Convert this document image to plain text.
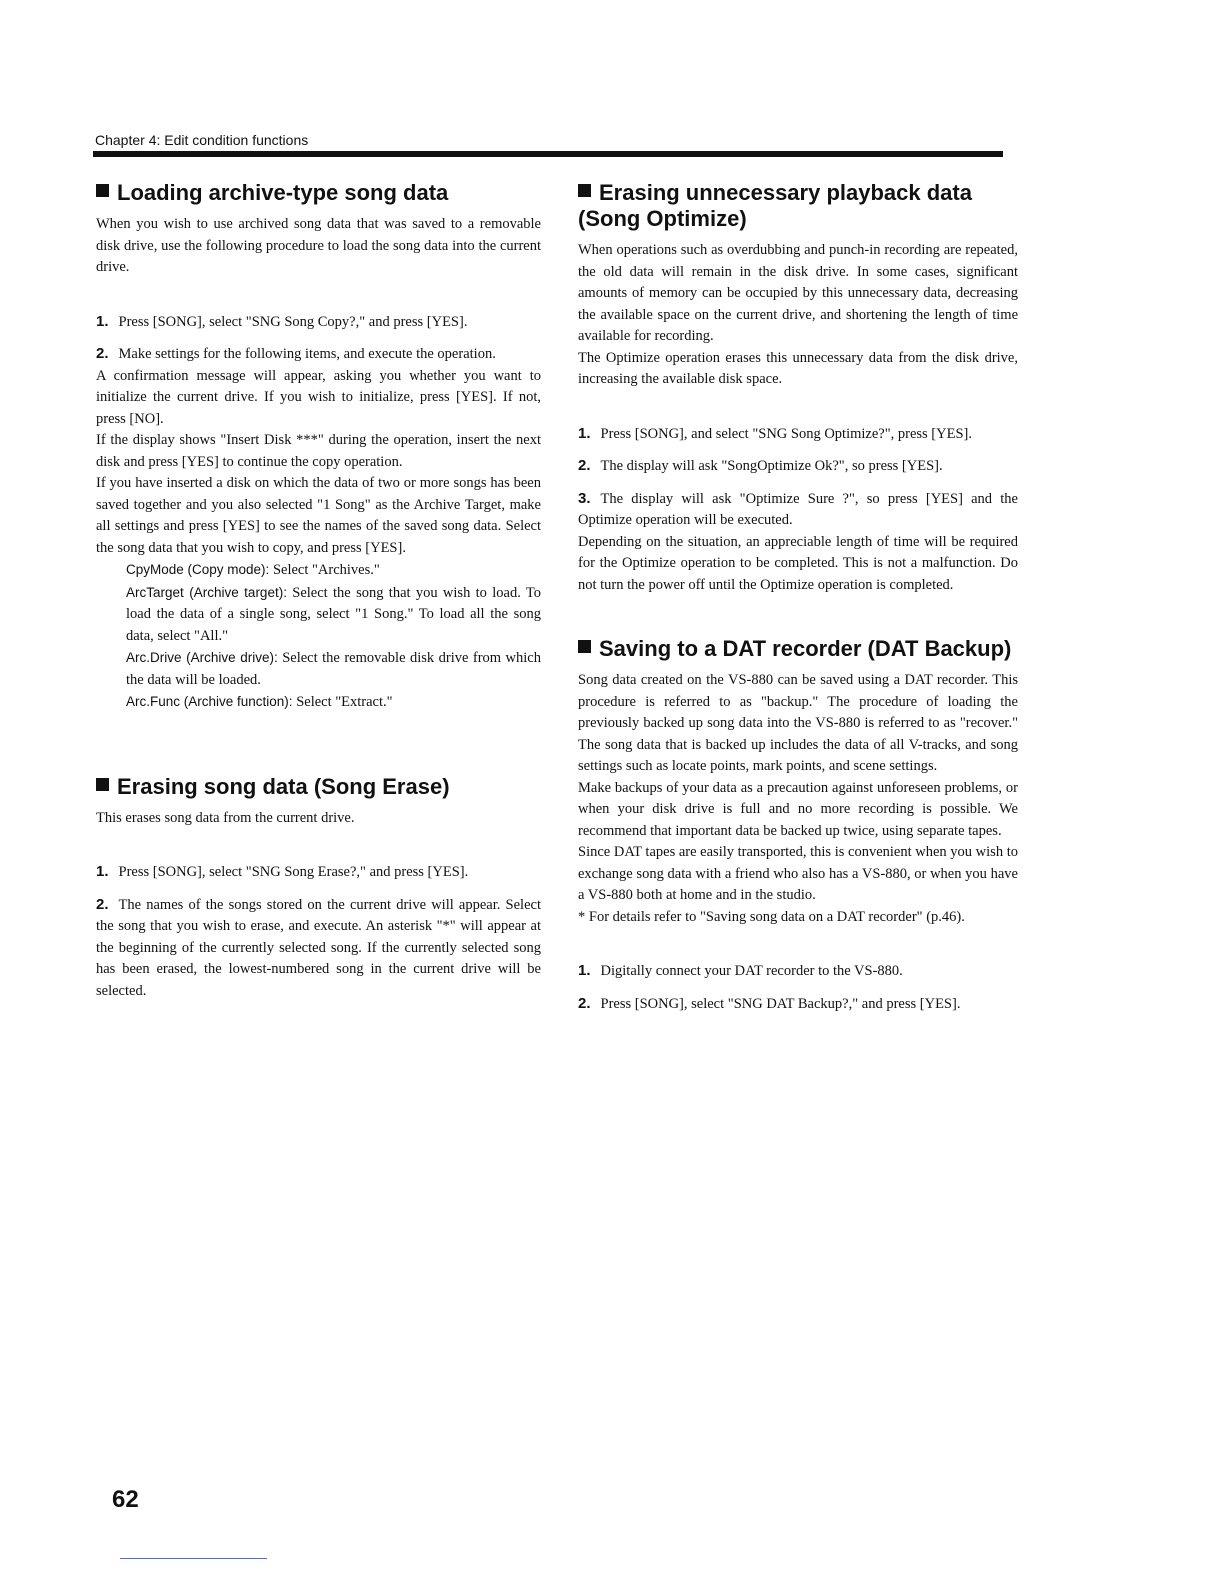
Chapter 4: Edit condition functions
Loading archive-type song data

When you wish to use archived song data that was saved to a removable disk drive, use the following procedure to load the song data into the current drive.

1. Press [SONG], select "SNG Song Copy?," and press [YES].

2. Make settings for the following items, and execute the operation.

A confirmation message will appear, asking you whether you want to initialize the current drive. If you wish to initialize, press [YES]. If not, press [NO].

If the display shows "Insert Disk ***" during the operation, insert the next disk and press [YES] to continue the copy operation.

If you have inserted a disk on which the data of two or more songs has been saved together and you also selected "1 Song" as the Archive Target, make all settings and press [YES] to see the names of the saved song data. Select the song data that you wish to copy, and press [YES].

CpyMode (Copy mode): Select "Archives."

ArcTarget (Archive target): Select the song that you wish to load. To load the data of a single song, select "1 Song." To load all the song data, select "All."

Arc.Drive (Archive drive): Select the removable disk drive from which the data will be loaded.

Arc.Func (Archive function): Select "Extract."

Erasing song data (Song Erase)

This erases song data from the current drive.

1. Press [SONG], select "SNG Song Erase?," and press [YES].

2. The names of the songs stored on the current drive will appear. Select the song that you wish to erase, and execute. An asterisk "*" will appear at the beginning of the currently selected song. If the currently selected song has been erased, the lowest-numbered song in the current drive will be selected.

Erasing unnecessary playback data
(Song Optimize)

When operations such as overdubbing and punch-in recording are repeated, the old data will remain in the disk drive. In some cases, significant amounts of memory can be occupied by this unnecessary data, decreasing the available space on the current drive, and shortening the length of time available for recording.

The Optimize operation erases this unnecessary data from the disk drive, increasing the available disk space.

1. Press [SONG], and select "SNG Song Optimize?", press [YES].

2. The display will ask "SongOptimize Ok?", so press [YES].

3. The display will ask "Optimize Sure ?", so press [YES] and the Optimize operation will be executed.

Depending on the situation, an appreciable length of time will be required for the Optimize operation to be completed. This is not a malfunction. Do not turn the power off until the Optimize operation is completed.

Saving to a DAT recorder (DAT Backup)

Song data created on the VS-880 can be saved using a DAT recorder. This procedure is referred to as "backup." The procedure of loading the previously backed up song data into the VS-880 is referred to as "recover." The song data that is backed up includes the data of all V-tracks, and song settings such as locate points, mark points, and scene settings.

Make backups of your data as a precaution against unforeseen problems, or when your disk drive is full and no more recording is possible. We recommend that important data be backed up twice, using separate tapes.

Since DAT tapes are easily transported, this is convenient when you wish to exchange song data with a friend who also has a VS-880, or when you have a VS-880 both at home and in the studio.

* For details refer to "Saving song data on a DAT recorder" (p.46).

1. Digitally connect your DAT recorder to the VS-880.

2. Press [SONG], select "SNG DAT Backup?," and press [YES].

62
